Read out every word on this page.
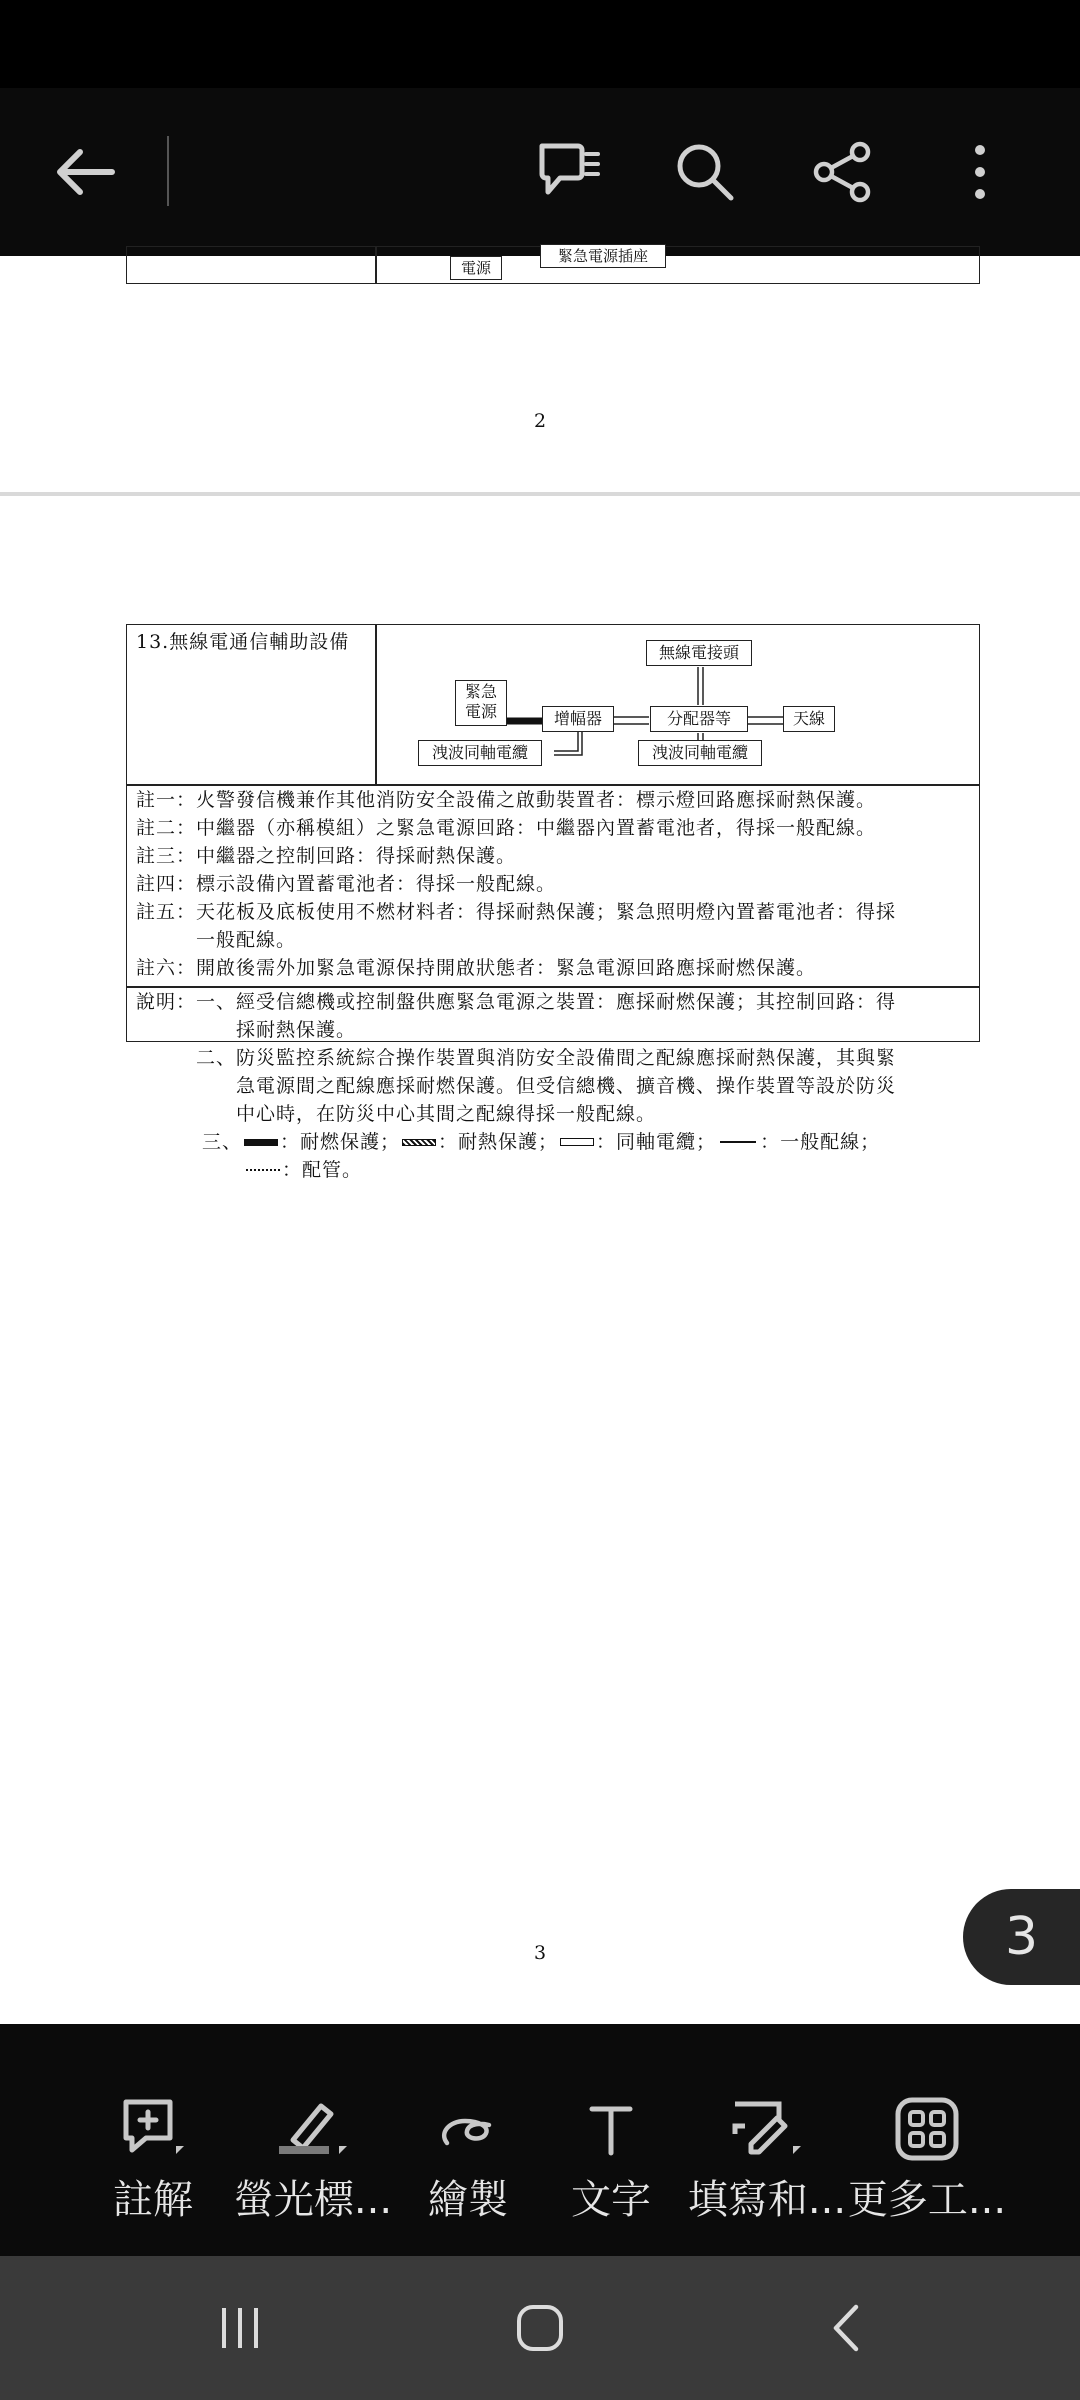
電源
緊急電源插座
2
13.無線電通信輔助設備	無線電接頭
緊急
電源	增幅器	分配器等	天線
洩波同軸電纜	洩波同軸電纜
註一：火警發信機兼作其他消防安全設備之啟動裝置者：標示燈回路應採耐熱保護。
註二：中繼器（亦稱模組）之緊急電源回路：中繼器內置蓄電池者，得採一般配線。
註三：中繼器之控制回路：得採耐熱保護。
註四：標示設備內置蓄電池者：得採一般配線。
註五：天花板及底板使用不燃材料者：得採耐熱保護；緊急照明燈內置蓄電池者：得採
　　　一般配線。
註六：開啟後需外加緊急電源保持開啟狀態者：緊急電源回路應採耐燃保護。
說明：一、經受信總機或控制盤供應緊急電源之裝置：應採耐燃保護；其控制回路：得
　　　　　採耐熱保護。
　　　二、防災監控系統綜合操作裝置與消防安全設備間之配線應採耐熱保護，其與緊
　　　　　急電源間之配線應採耐燃保護。但受信總機、擴音機、操作裝置等設於防災
　　　　　中心時，在防災中心其間之配線得採一般配線。
三、 ：耐燃保護； ：耐熱保護； ：同軸電纜； ：一般配線；
：配管。
3	3
註解	螢光標... 繪製	文字 填寫和... 更多工...
